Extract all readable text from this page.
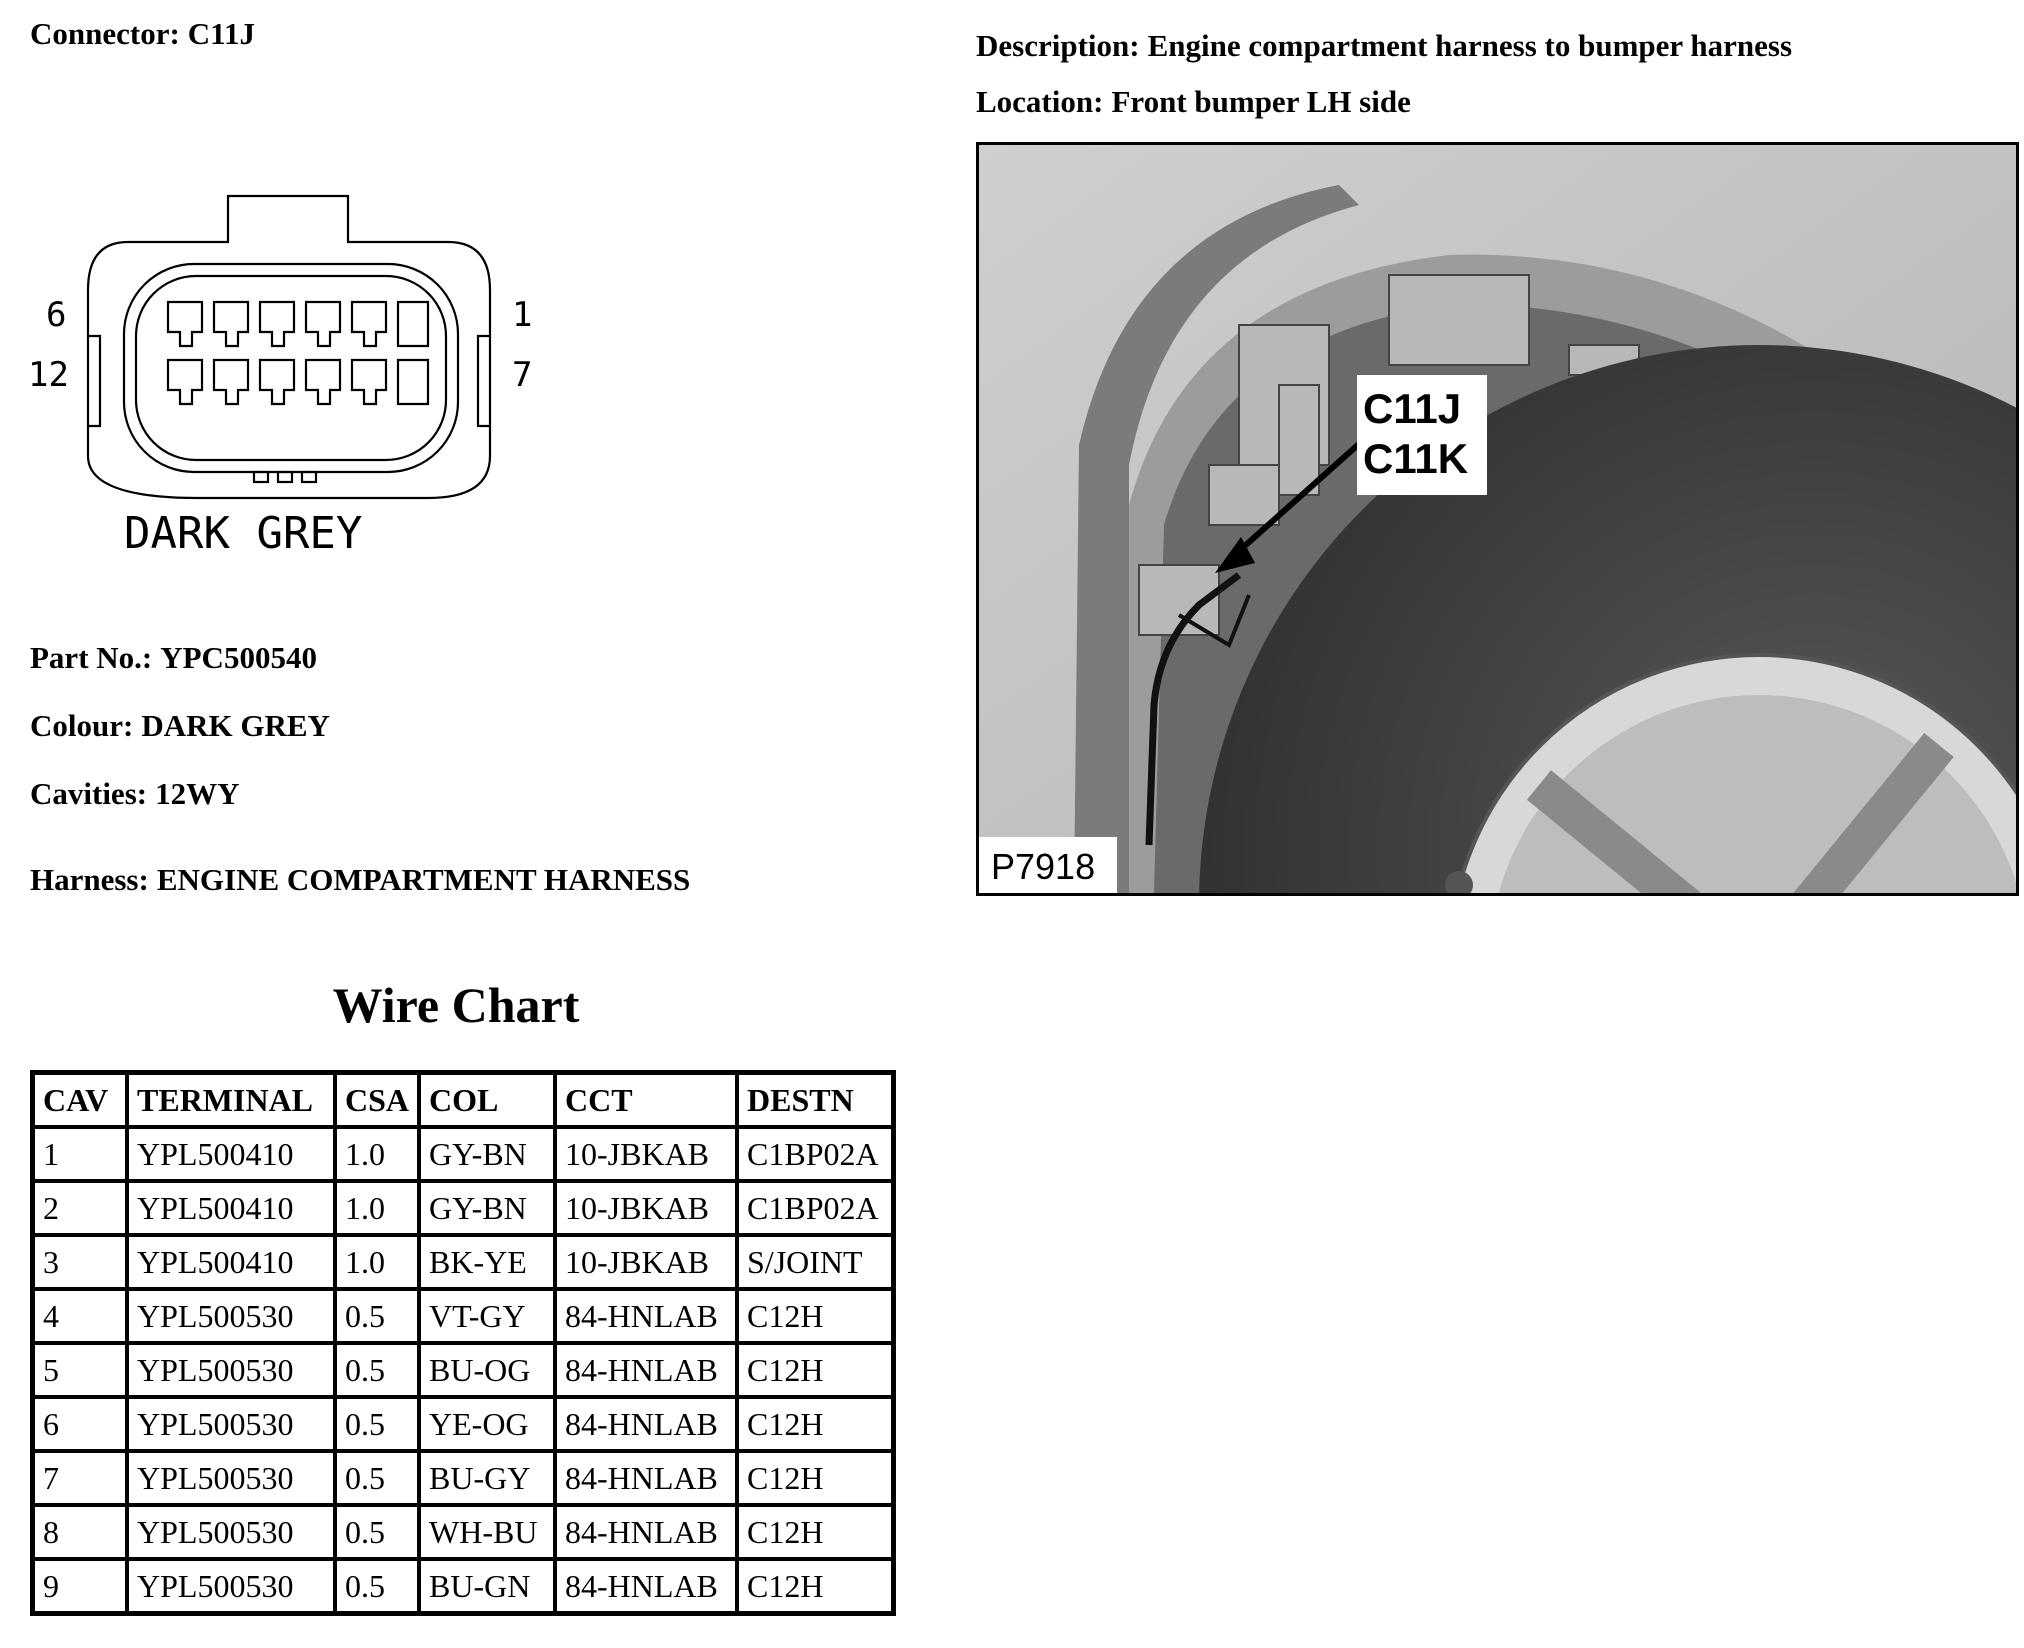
Connector: C11J	Description: Engine compartment harness to bumper harness
Location: Front bumper LH side
6
12
1
7
DARK GREY
Part No.: YPC500540
Colour: DARK GREY
Cavities: 12WY
Harness: ENGINE COMPARTMENT HARNESS
C11J
C11K
P7918
Wire Chart
CAV	TERMINAL	CSA	COL	CCT	DESTN
1	YPL500410	1.0	GY-BN	10-JBKAB	C1BP02A
2	YPL500410	1.0	GY-BN	10-JBKAB	C1BP02A
3	YPL500410	1.0	BK-YE	10-JBKAB	S/JOINT
4	YPL500530	0.5	VT-GY	84-HNLAB	C12H
5	YPL500530	0.5	BU-OG	84-HNLAB	C12H
6	YPL500530	0.5	YE-OG	84-HNLAB	C12H
7	YPL500530	0.5	BU-GY	84-HNLAB	C12H
8	YPL500530	0.5	WH-BU	84-HNLAB	C12H
9	YPL500530	0.5	BU-GN	84-HNLAB	C12H
